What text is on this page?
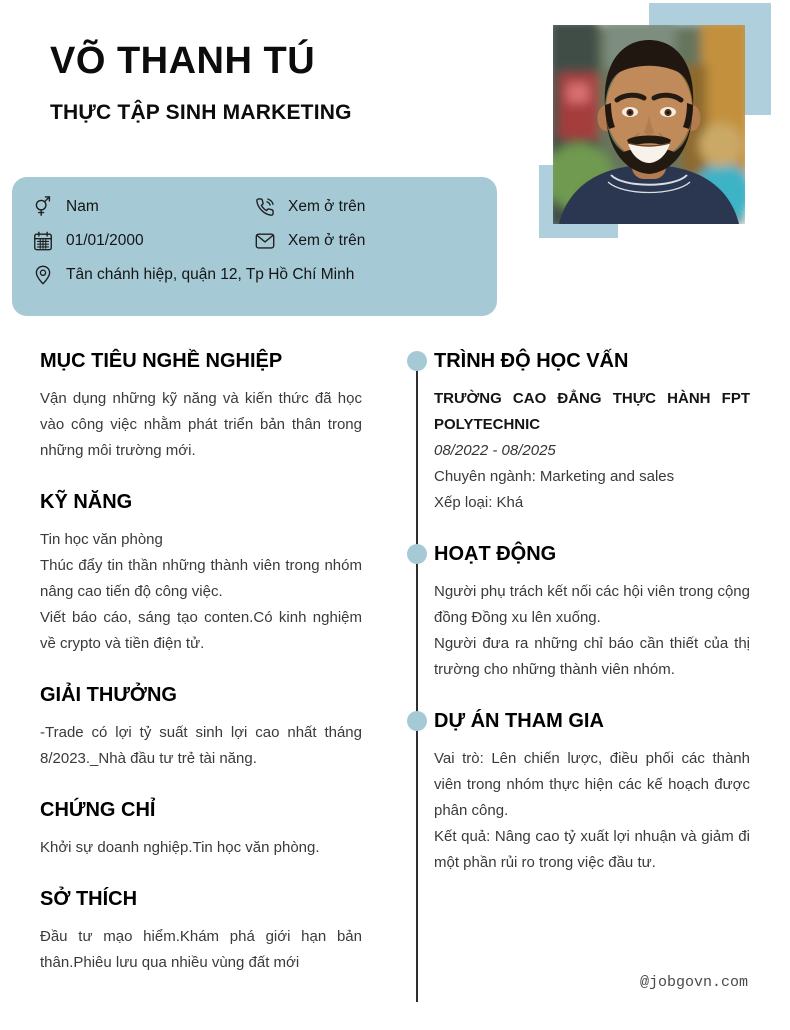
VÕ THANH TÚ
THỰC TẬP SINH MARKETING
Nam	Xem ở trên
01/01/2000	Xem ở trên
Tân chánh hiệp, quận 12, Tp Hồ Chí Minh
MỤC TIÊU NGHỀ NGHIỆP

Vận dụng những kỹ năng và kiến thức đã học vào công việc nhằm phát triển bản thân trong những môi trường mới.

KỸ NĂNG

Tin học văn phòng

Thúc đẩy tin thần những thành viên trong nhóm nâng cao tiến độ công việc.

Viết báo cáo, sáng tạo conten.Có kinh nghiệm về crypto và tiền điện tử.

GIẢI THƯỞNG

-Trade có lợi tỷ suất sinh lợi cao nhất tháng 8/2023._Nhà đầu tư trẻ tài năng.

CHỨNG CHỈ

Khởi sự doanh nghiệp.Tin học văn phòng.

SỞ THÍCH

Đầu tư mạo hiểm.Khám phá giới hạn bản thân.Phiêu lưu qua nhiều vùng đất mới

TRÌNH ĐỘ HỌC VẤN

TRƯỜNG CAO ĐẲNG THỰC HÀNH FPT POLYTECHNIC

08/2022 - 08/2025

Chuyên ngành: Marketing and sales

Xếp loại: Khá

HOẠT ĐỘNG

Người phụ trách kết nối các hội viên trong cộng đồng Đồng xu lên xuống.

Người đưa ra những chỉ báo cần thiết của thị trường cho những thành viên nhóm.

DỰ ÁN THAM GIA

Vai trò: Lên chiến lược, điều phối các thành viên trong nhóm thực hiện các kế hoạch được phân công.

Kết quả: Nâng cao tỷ xuất lợi nhuận và giảm đi một phần rủi ro trong việc đầu tư.

@jobgovn.com
